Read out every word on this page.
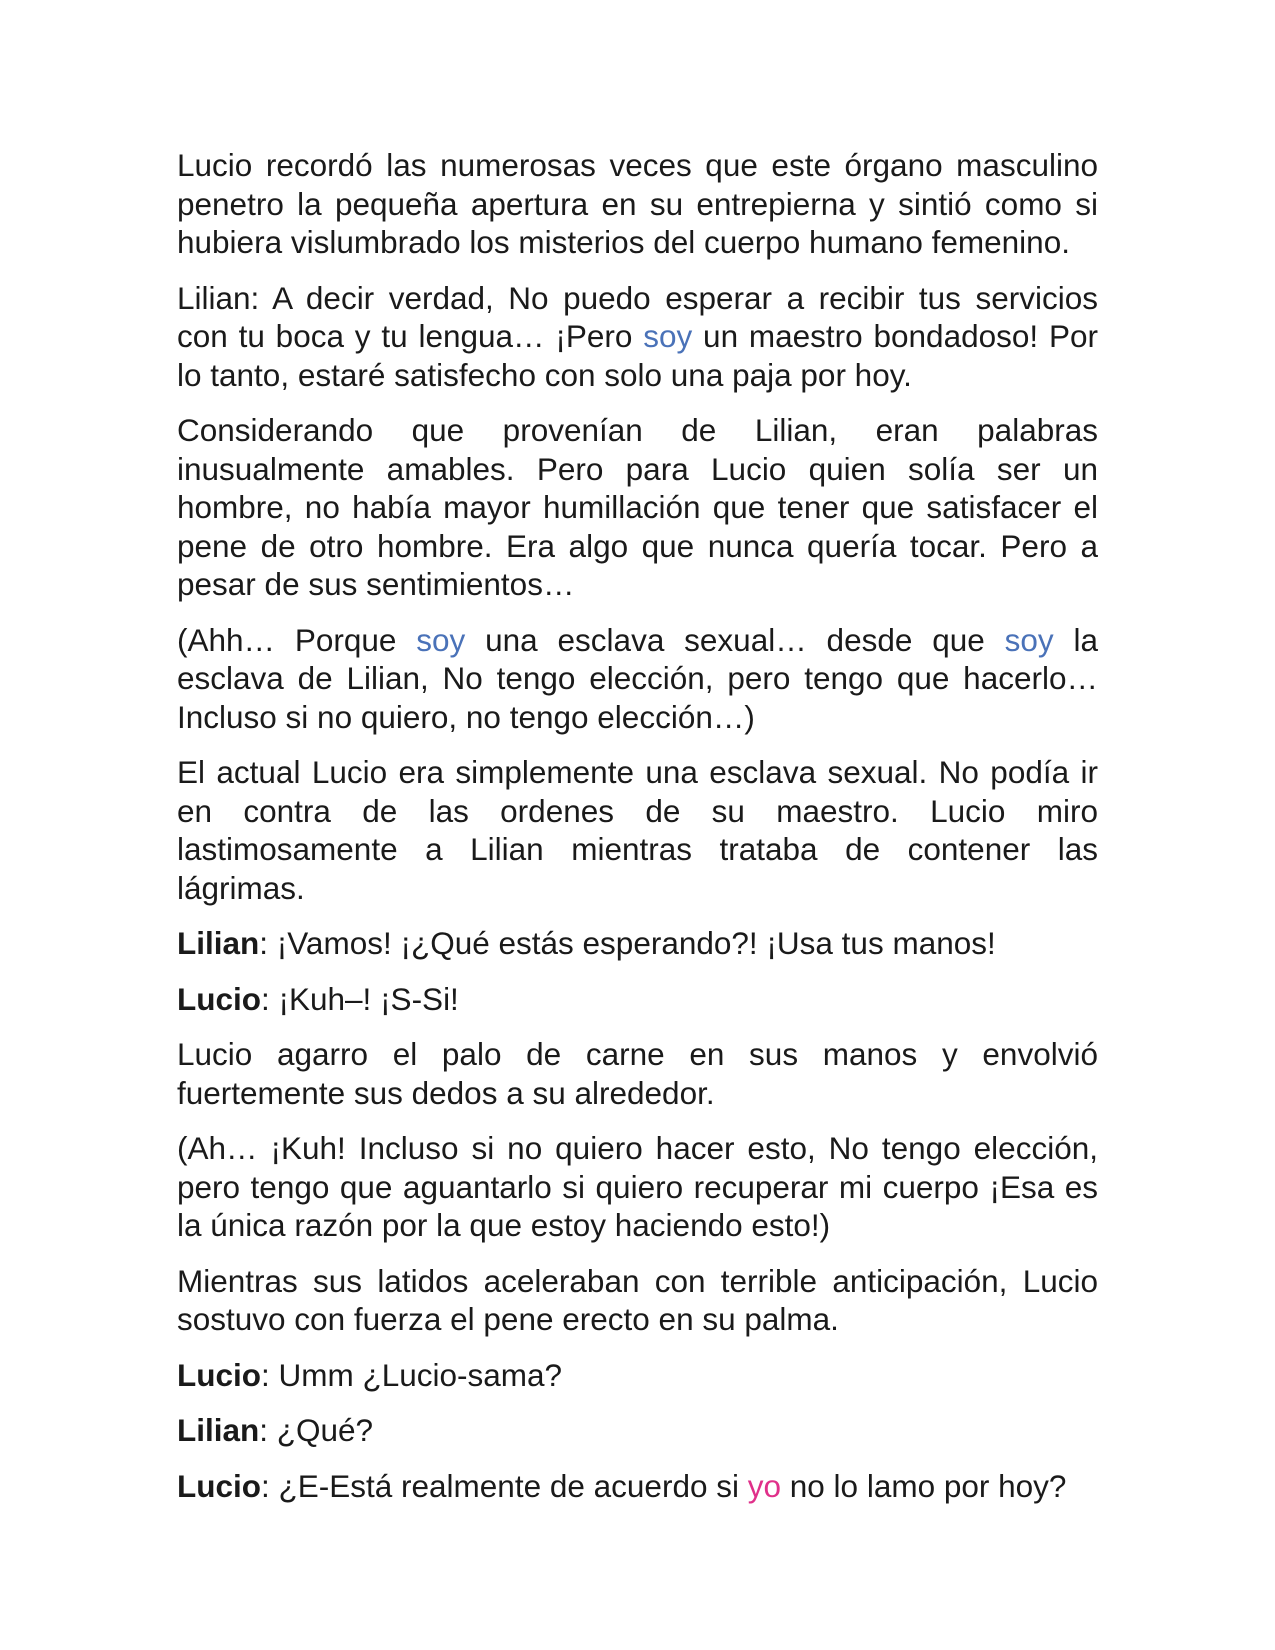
Lucio recordó las numerosas veces que este órgano masculino penetro la pequeña apertura en su entrepierna y sintió como si hubiera vislumbrado los misterios del cuerpo humano femenino.

Lilian: A decir verdad, No puedo esperar a recibir tus servicios con tu boca y tu lengua… ¡Pero soy un maestro bondadoso! Por lo tanto, estaré satisfecho con solo una paja por hoy.

Considerando que provenían de Lilian, eran palabras inusualmente amables. Pero para Lucio quien solía ser un hombre, no había mayor humillación que tener que satisfacer el pene de otro hombre. Era algo que nunca quería tocar. Pero a pesar de sus sentimientos…

(Ahh… Porque soy una esclava sexual… desde que soy la esclava de Lilian, No tengo elección, pero tengo que hacerlo… Incluso si no quiero, no tengo elección…)

El actual Lucio era simplemente una esclava sexual. No podía ir en contra de las ordenes de su maestro. Lucio miro lastimosamente a Lilian mientras trataba de contener las lágrimas.

Lilian: ¡Vamos! ¡¿Qué estás esperando?! ¡Usa tus manos!

Lucio: ¡Kuh–! ¡S-Si!

Lucio agarro el palo de carne en sus manos y envolvió fuertemente sus dedos a su alrededor.

(Ah… ¡Kuh! Incluso si no quiero hacer esto, No tengo elección, pero tengo que aguantarlo si quiero recuperar mi cuerpo ¡Esa es la única razón por la que estoy haciendo esto!)

Mientras sus latidos aceleraban con terrible anticipación, Lucio sostuvo con fuerza el pene erecto en su palma.

Lucio: Umm ¿Lucio-sama?

Lilian: ¿Qué?

Lucio: ¿E-Está realmente de acuerdo si yo no lo lamo por hoy?
